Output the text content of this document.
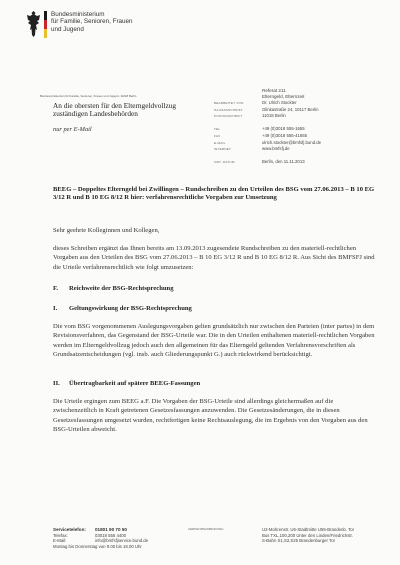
Bundesministerium
für Familie, Senioren, Frauen
und Jugend
Bundesministerium für Familie, Senioren, Frauen und Jugend, 11018 Berlin
An die obersten für den Elterngeldvollzug
zuständigen Landesbehörden
nur per E-Mail
Referat 211
Elterngeld, Elternzeit
BEARBEITET VON	Dr. Ulrich Stockter
HAUSANSCHRIFT	Glinkastraße 24, 10117 Berlin
POSTANSCHRIFT	11018 Berlin
TEL	+49 (0)3018 555-1655
FAX	+49 (0)3018 555-41655
E-MAIL	ulrich.stockter@bmfsfj.bund.de
INTERNET	www.bmfsfj.de
ORT, DATUM	Berlin, den 11.11.2013
BEEG – Doppeltes Elterngeld bei Zwillingen – Rundschreiben zu den Urteilen des BSG vom 27.06.2013 – B 10 EG 3/12 R und B 10 EG 8/12 R hier: verfahrensrechtliche Vorgaben zur Umsetzung
Sehr geehrte Kolleginnen und Kollegen,
dieses Schreiben ergänzt das Ihnen bereits am 13.09.2013 zugesendete Rundschreiben zu den materiell-rechtlichen Vorgaben aus den Urteilen des BSG vom 27.06.2013 – B 10 EG 3/12 R und B 10 EG 8/12 R. Aus Sicht des BMFSFJ sind die Urteile verfahrensrechtlich wie folgt umzusetzen:
F. Reichweite der BSG-Rechtsprechung
I. Geltungswirkung der BSG-Rechtsprechung
Die vom BSG vorgenommenen Auslegungsvorgaben gelten grundsätzlich nur zwischen den Parteien (inter partes) in dem Revisionsverfahren, das Gegenstand der BSG-Urteile war. Die in den Urteilen enthaltenen materiell-rechtlichen Vorgaben werden im Elterngeldvollzug jedoch auch den allgemeinen für das Elterngeld geltenden Verfahrensvorschriften als Grundsatzentscheidungen (vgl. insb. auch Gliederungspunkt G.) auch rückwirkend berücksichtigt.
II. Übertragbarkeit auf spätere BEEG-Fassungen
Die Urteile ergingen zum BEEG a.F. Die Vorgaben der BSG-Urteile sind allerdings gleichermaßen auf die zwischenzeitlich in Kraft getretenen Gesetzesfassungen anzuwenden. Die Gesetzesänderungen, die in diesen Gesetzesfassungen umgesetzt wurden, rechtfertigen keine Rechtsauslegung, die im Ergebnis von den Vorgaben aus den BSG-Urteilen abweicht.
Servicetelefon: 01801 90 70 50
Telefax:	03018 555 4400
E-Mail:	info@bmfsfjservice.bund.de
Montag bis Donnerstag von 9.00 bis 18.00 Uhr
VERKEHRSANBINDUNG	U2-Mohrenstr. U6-Stadtmitte U55-Brandenb. Tor
Bus TXL,100,200 Unter den Linden/Friedrichstr.
S-Bahn S1,S2,S25 Brandenburger Tor
